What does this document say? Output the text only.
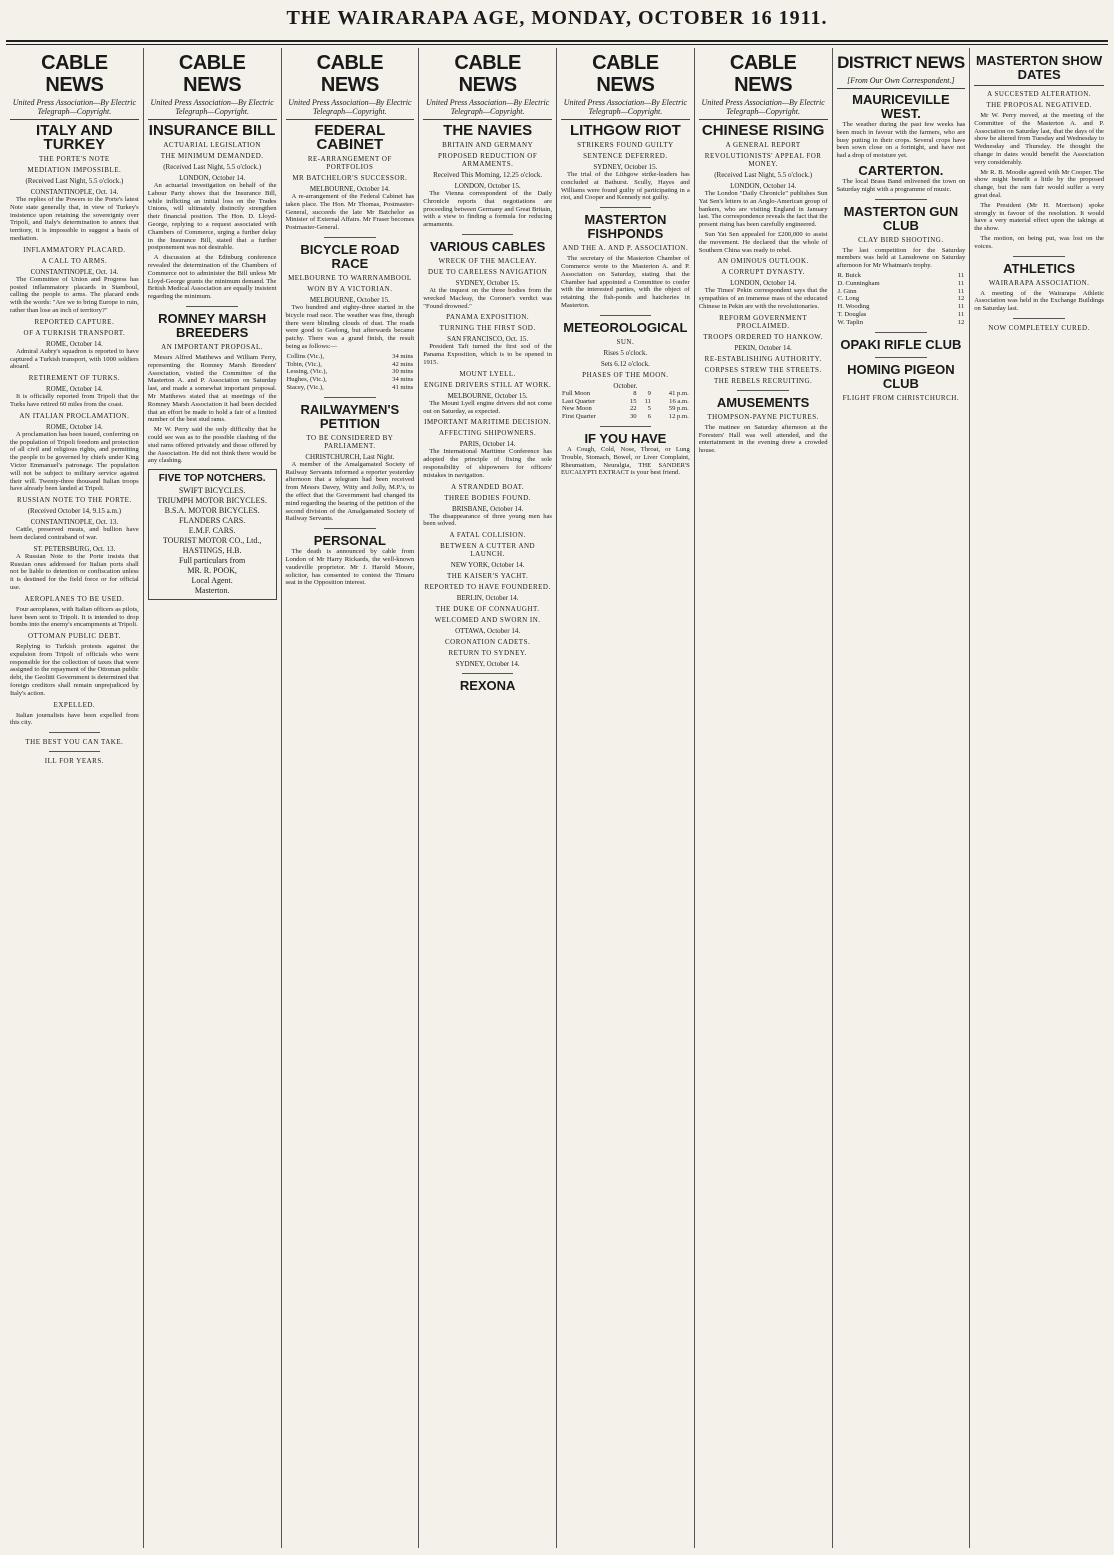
THE WAIRARAPA AGE, MONDAY, OCTOBER 16 1911.
CABLE NEWS
United Press Association—By Electric Telegraph—Copyright.
ITALY AND TURKEY
THE PORTE'S NOTE
MEDIATION IMPOSSIBLE.
(Received Last Night, 5.5 o'clock.)
CONSTANTINOPLE, Oct. 14.
The replies of the Powers to the Porte's latest Note state generally that, in view of Turkey's insistence upon retaining the sovereignty over Tripoli, and Italy's determination to annex that territory, it is impossible to suggest a basis of mediation.
INFLAMMATORY PLACARD.
A CALL TO ARMS.
CONSTANTINOPLE, Oct. 14.
The Committee of Union and Progress has posted inflammatory placards in Stamboul, calling the people to arms. The placard ends with the words: "Are we to bring Europe to ruin, rather than lose an inch of territory?"
REPORTED CAPTURE.
OF A TURKISH TRANSPORT.
ROME, October 14.
Admiral Aubry's squadron is reported to have captured a Turkish transport, with 1000 soldiers aboard.
RETIREMENT OF TURKS.
ROME, October 14.
It is officially reported from Tripoli that the Turks have retired 60 miles from the coast.
AN ITALIAN PROCLAMATION.
ROME, October 14.
A proclamation has been issued, conferring on the population of Tripoli freedom and protection of all civil and religious rights, and permitting the people to be governed by chiefs under King Victor Emmanuel's patronage. The population will not be subject to military service against their will. Twenty-three thousand Italian troops have already been landed at Tripoli.
RUSSIAN NOTE TO THE PORTE.
(Received October 14, 9.15 a.m.)
CONSTANTINOPLE, Oct. 13.
Cattle, preserved meats, and bullion have been declared contraband of war.
ST. PETERSBURG, Oct. 13.
A Russian Note to the Porte insists that Russian ones addressed for Italian ports shall not be liable to detention or confiscation unless it is destined for the field force or for official use.
AEROPLANES TO BE USED.
Four aeroplanes, with Italian officers as pilots, have been sent to Tripoli. It is intended to drop bombs into the enemy's encampments at Tripoli.
OTTOMAN PUBLIC DEBT.
Replying to Turkish protests against the expulsion from Tripoli of officials who were responsible for the collection of taxes that were assigned to the repayment of the Ottoman public debt, the Geolitti Government is determined that foreign creditors shall remain unprejudiced by Italy's action.
EXPELLED.
Italian journalists have been expelled from this city.
THE BEST YOU CAN TAKE.
ILL FOR YEARS.
CABLE NEWS
United Press Association—By Electric Telegraph—Copyright.
INSURANCE BILL
ACTUARIAL LEGISLATION
THE MINIMUM DEMANDED.
(Received Last Night, 5.5 o'clock.)
LONDON, October 14.
An actuarial investigation on behalf of the Labour Party shows that the Insurance Bill, while inflicting an initial loss on the Trades Unions, will ultimately distinctly strengthen their financial position. The Hon. D. Lloyd-George, replying to a request associated with Chambers of Commerce, urging a further delay in the Insurance Bill, stated that a further postponement was not desirable.
A discussion at the Edinburg conference revealed the determination of the Chambers of Commerce not to administer the Bill unless Mr Lloyd-George grants the minimum demand. The British Medical Association are equally insistent regarding the minimum.
ROMNEY MARSH BREEDERS
AN IMPORTANT PROPOSAL.
Messrs Alfred Matthews and William Perry, representing the Romney Marsh Breeders' Association, visited the Committee of the Masterton A. and P. Association on Saturday last, and made a somewhat important proposal. Mr Matthews stated that at meetings of the Romney Marsh Association it had been decided that an effort be made to hold a fair of a limited number of the best stud rams.
Mr W. Perry said the only difficulty that he could see was as to the possible clashing of the stud rams offered privately and those offered by the Association. He did not think there would be any clashing.
FIVE TOP NOTCHERS.
SWIFT BICYCLES.
TRIUMPH MOTOR BICYCLES.
B.S.A. MOTOR BICYCLES.
FLANDERS CARS.
E.M.F. CARS.
TOURIST MOTOR CO., Ltd.,
HASTINGS, H.B.
Full particulars from
MR. R. POOK,
Local Agent.
Masterton.
CABLE NEWS
United Press Association—By Electric Telegraph—Copyright.
FEDERAL CABINET
RE-ARRANGEMENT OF PORTFOLIOS
MR BATCHELOR'S SUCCESSOR.
MELBOURNE, October 14.
A re-arrangement of the Federal Cabinet has taken place. The Hon. Mr Thomas, Postmaster-General, succeeds the late Mr Batchelor as Minister of External Affairs. Mr Fraser becomes Postmaster-General.
BICYCLE ROAD RACE
MELBOURNE TO WARRNAMBOOL
WON BY A VICTORIAN.
MELBOURNE, October 15.
Two hundred and eighty-three started in the bicycle road race. The weather was fine, though there were blinding clouds of dust. The roads were good to Geelong, but afterwards became patchy. There was a grand finish, the result being as follows:—
Collins (Vic.),	34 mins
Tobin, (Vic.),	42 mins
Lessing, (Vic.),	30 mins
Hughes, (Vic.),	34 mins
Stacey, (Vic.),	41 mins
RAILWAYMEN'S PETITION
TO BE CONSIDERED BY PARLIAMENT.
CHRISTCHURCH, Last Night.
A member of the Amalgamated Society of Railway Servants informed a reporter yesterday afternoon that a telegram had been received from Messrs Davey, Witty and Jolly, M.P.'s, to the effect that the Government had changed its mind regarding the hearing of the petition of the second division of the Amalgamated Society of Railway Servants.
PERSONAL
The death is announced by cable from London of Mr Harry Rickards, the well-known vaudeville proprietor. Mr J. Harold Moore, solicitor, has consented to contest the Timaru seat in the Opposition interest.
CABLE NEWS
United Press Association—By Electric Telegraph—Copyright.
THE NAVIES
BRITAIN AND GERMANY
PROPOSED REDUCTION OF ARMAMENTS.
Received This Morning, 12.25 o'clock.
LONDON, October 15.
The Vienna correspondent of the Daily Chronicle reports that negotiations are proceeding between Germany and Great Britain, with a view to finding a formula for reducing armaments.
VARIOUS CABLES
WRECK OF THE MACLEAY.
DUE TO CARELESS NAVIGATION
SYDNEY, October 15.
At the inquest on the three bodies from the wrecked Macleay, the Coroner's verdict was "Found drowned."
PANAMA EXPOSITION.
TURNING THE FIRST SOD.
SAN FRANCISCO, Oct. 15.
President Taft turned the first sod of the Panama Exposition, which is to be opened in 1915.
MOUNT LYELL.
ENGINE DRIVERS STILL AT WORK.
MELBOURNE, October 15.
The Mount Lyell engine drivers did not come out on Saturday, as expected.
IMPORTANT MARITIME DECISION.
AFFECTING SHIPOWNERS.
PARIS, October 14.
The International Maritime Conference has adopted the principle of fixing the sole responsibility of shipowners for officers' mistakes in navigation.
A STRANDED BOAT.
THREE BODIES FOUND.
BRISBANE, October 14.
The disappearance of three young men has been solved.
A FATAL COLLISION.
BETWEEN A CUTTER AND LAUNCH.
NEW YORK, October 14.
THE KAISER'S YACHT.
REPORTED TO HAVE FOUNDERED.
BERLIN, October 14.
THE DUKE OF CONNAUGHT.
WELCOMED AND SWORN IN.
OTTAWA, October 14.
CORONATION CADETS.
RETURN TO SYDNEY.
SYDNEY, October 14.
REXONA
CABLE NEWS
United Press Association—By Electric Telegraph—Copyright.
LITHGOW RIOT
STRIKERS FOUND GUILTY
SENTENCE DEFERRED.
SYDNEY, October 15.
The trial of the Lithgow strike-leaders has concluded at Bathurst. Scully, Hayes and Williams were found guilty of participating in a riot, and Cooper and Kennedy not guilty.
MASTERTON FISHPONDS
AND THE A. AND P. ASSOCIATION.
The secretary of the Masterton Chamber of Commerce wrote to the Masterton A. and P. Association on Saturday, stating that the Chamber had appointed a Committee to confer with the interested parties, with the object of retaining the fish-ponds and hatcheries in Masterton.
METEOROLOGICAL
SUN.
Rises 5 o'clock.
Sets 6.12 o'clock.
PHASES OF THE MOON.
October.
Full Moon	8	9	41 p.m.
Last Quarter	15	11	16 a.m.
New Moon	22	5	59 p.m.
First Quarter	30	6	12 p.m.
IF YOU HAVE
A Cough, Cold, Nose, Throat, or Lung Trouble, Stomach, Bowel, or Liver Complaint, Rheumatism, Neuralgia, THE SANDER'S EUCALYPTI EXTRACT is your best friend.
CABLE NEWS
United Press Association—By Electric Telegraph—Copyright.
CHINESE RISING
A GENERAL REPORT
REVOLUTIONISTS' APPEAL FOR MONEY.
(Received Last Night, 5.5 o'clock.)
LONDON, October 14.
The London "Daily Chronicle" publishes Sun Yat Sen's letters to an Anglo-American group of bankers, who are visiting England in January last. The correspondence reveals the fact that the present rising has been carefully engineered.
Sun Yat Sen appealed for £200,000 to assist the movement. He declared that the whole of Southern China was ready to rebel.
AN OMINOUS OUTLOOK.
A CORRUPT DYNASTY.
LONDON, October 14.
The Times' Pekin correspondent says that the sympathies of an immense mass of the educated Chinese in Pekin are with the revolutionaries.
REFORM GOVERNMENT PROCLAIMED.
TROOPS ORDERED TO HANKOW.
PEKIN, October 14.
RE-ESTABLISHING AUTHORITY.
CORPSES STREW THE STREETS.
THE REBELS RECRUITING.
AMUSEMENTS
THOMPSON-PAYNE PICTURES.
The matinee on Saturday afternoon at the Foresters' Hall was well attended, and the entertainment in the evening drew a crowded house.
DISTRICT NEWS
[From Our Own Correspondent.]
MAURICEVILLE WEST.
The weather during the past few weeks has been much in favour with the farmers, who are busy putting in their crops. Several crops have been sown close on a fortnight, and have not had a drop of moisture yet.
CARTERTON.
The local Brass Band enlivened the town on Saturday night with a programme of music.
MASTERTON GUN CLUB
CLAY BIRD SHOOTING.
The last competition for the Saturday members was held at Lansdowne on Saturday afternoon for Mr Whatman's trophy.
R. Buick	11
D. Cunningham	11
J. Ginn	11
C. Long	12
H. Wooding	11
T. Douglas	11
W. Taplin	12
OPAKI RIFLE CLUB
HOMING PIGEON CLUB
FLIGHT FROM CHRISTCHURCH.
MASTERTON SHOW DATES
A SUCCESTED ALTERATION.
THE PROPOSAL NEGATIVED.
Mr W. Perry moved, at the meeting of the Committee of the Masterton A. and P. Association on Saturday last, that the days of the show be altered from Tuesday and Wednesday to Wednesday and Thursday. He thought the change in dates would benefit the Association very considerably.
Mr R. B. Moodie agreed with Mr Cooper. The show might benefit a little by the proposed change, but the ram fair would suffer a very great deal.
The President (Mr H. Morrison) spoke strongly in favour of the resolution. It would have a very material effect upon the takings at the show.
The motion, on being put, was lost on the voices.
ATHLETICS
WAIRARAPA ASSOCIATION.
A meeting of the Wairarapa Athletic Association was held in the Exchange Buildings on Saturday last.
NOW COMPLETELY CURED.
